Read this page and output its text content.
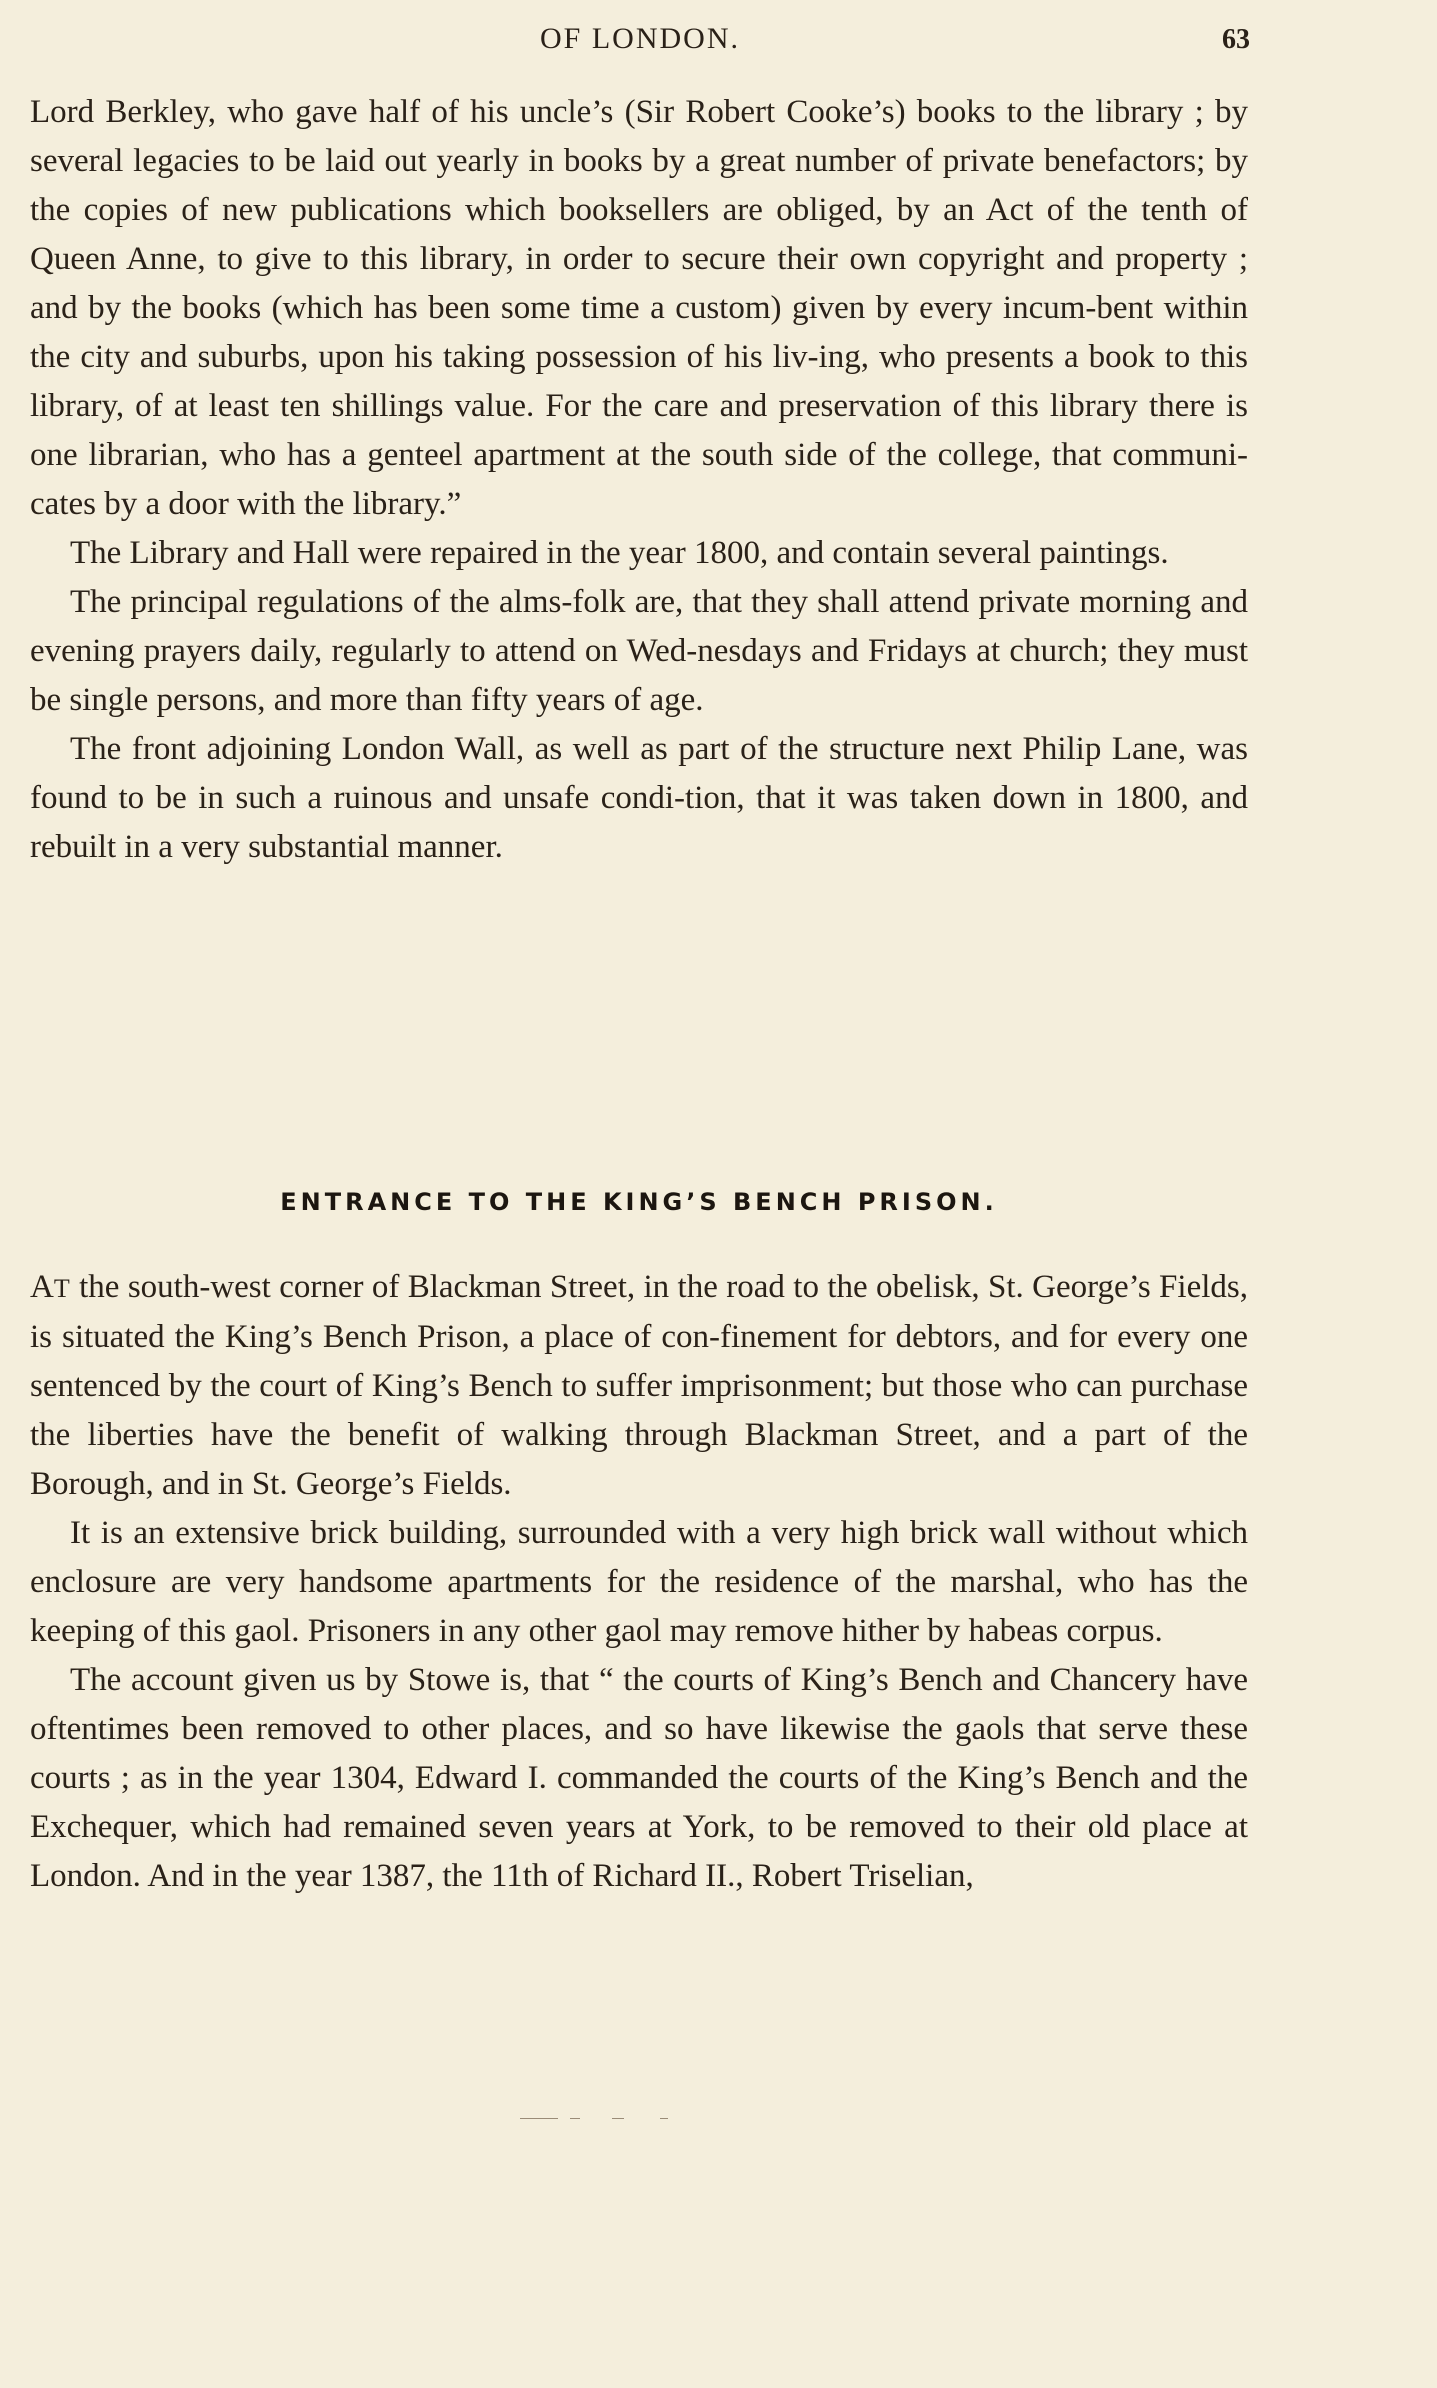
OF LONDON.	63

Lord Berkley, who gave half of his uncle’s (Sir Robert Cooke’s) books to the library ; by several legacies to be laid out yearly in books by a great number of private benefactors; by the copies of new publications which booksellers are obliged, by an Act of the tenth of Queen Anne, to give to this library, in order to secure their own copyright and property ; and by the books (which has been some time a custom) given by every incum-bent within the city and suburbs, upon his taking possession of his liv-ing, who presents a book to this library, of at least ten shillings value. For the care and preservation of this library there is one librarian, who has a genteel apartment at the south side of the college, that communi-cates by a door with the library.”

The Library and Hall were repaired in the year 1800, and contain several paintings.

The principal regulations of the alms-folk are, that they shall attend private morning and evening prayers daily, regularly to attend on Wed-nesdays and Fridays at church; they must be single persons, and more than fifty years of age.

The front adjoining London Wall, as well as part of the structure next Philip Lane, was found to be in such a ruinous and unsafe condi-tion, that it was taken down in 1800, and rebuilt in a very substantial manner.

ENTRANCE TO THE KING’S BENCH PRISON.

AT the south-west corner of Blackman Street, in the road to the obelisk, St. George’s Fields, is situated the King’s Bench Prison, a place of con-finement for debtors, and for every one sentenced by the court of King’s Bench to suffer imprisonment; but those who can purchase the liberties have the benefit of walking through Blackman Street, and a part of the Borough, and in St. George’s Fields.

It is an extensive brick building, surrounded with a very high brick wall without which enclosure are very handsome apartments for the residence of the marshal, who has the keeping of this gaol. Prisoners in any other gaol may remove hither by habeas corpus.

The account given us by Stowe is, that “ the courts of King’s Bench and Chancery have oftentimes been removed to other places, and so have likewise the gaols that serve these courts ; as in the year 1304, Edward I. commanded the courts of the King’s Bench and the Exchequer, which had remained seven years at York, to be removed to their old place at London. And in the year 1387, the 11th of Richard II., Robert Triselian,
